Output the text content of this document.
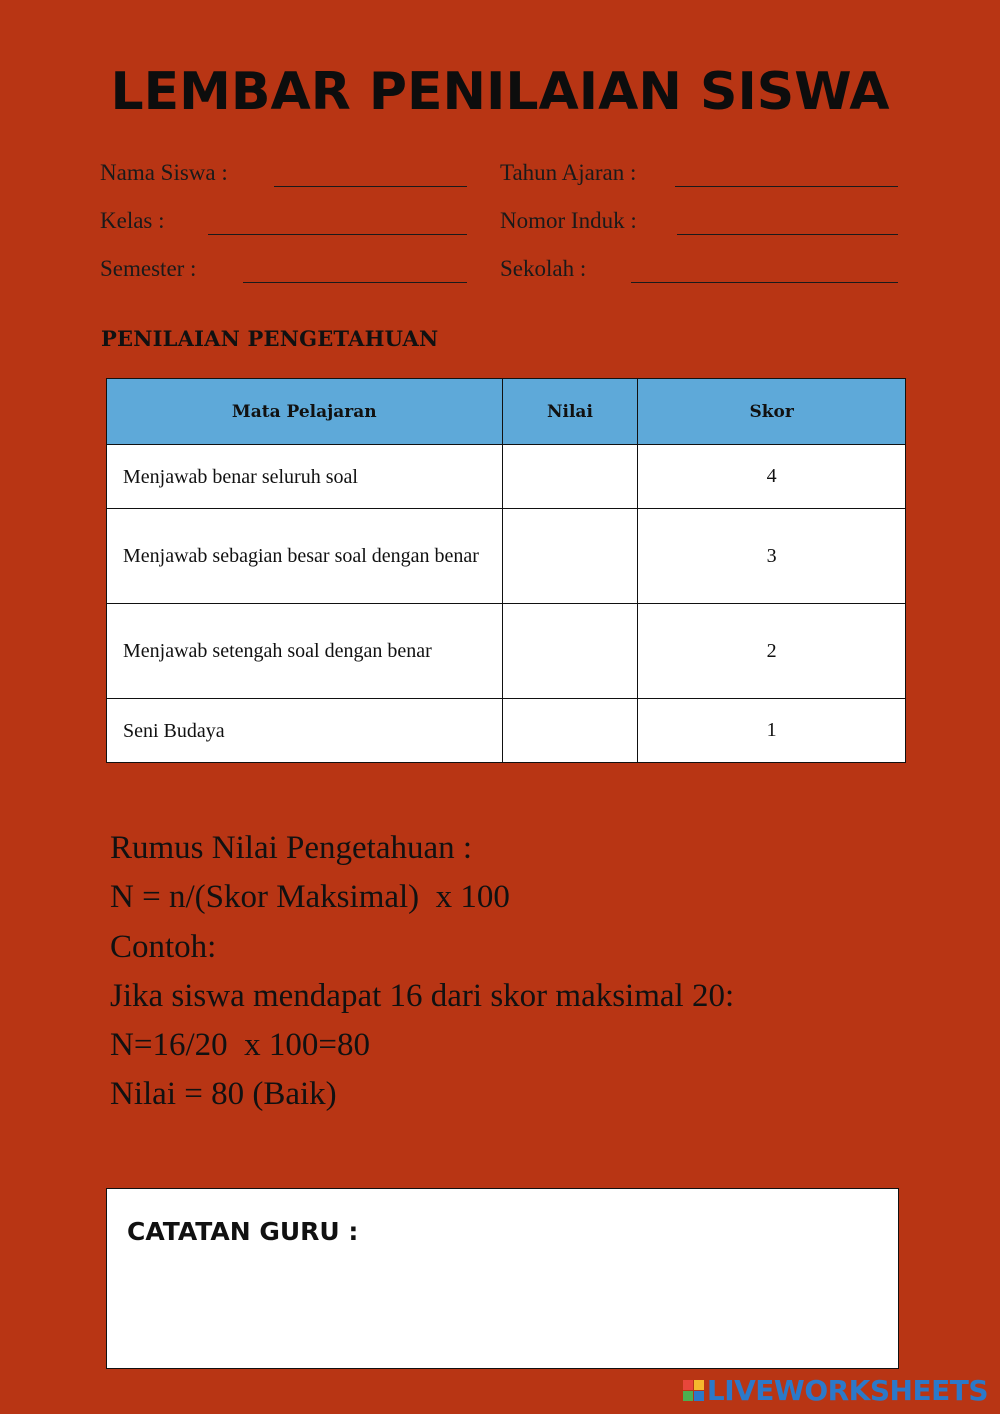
LEMBAR PENILAIAN SISWA
Nama Siswa :
Kelas :
Semester :
Tahun Ajaran :
Nomor Induk :
Sekolah :
PENILAIAN PENGETAHUAN
Mata Pelajaran	Nilai	Skor
Menjawab benar seluruh soal		4
Menjawab sebagian besar soal dengan benar		3
Menjawab setengah soal dengan benar		2
Seni Budaya		1
Rumus Nilai Pengetahuan :
N = n/(Skor Maksimal)  x 100
Contoh:
Jika siswa mendapat 16 dari skor maksimal 20:
N=16/20  x 100=80
Nilai = 80 (Baik)
CATATAN GURU :
LIVEWORKSHEETS
